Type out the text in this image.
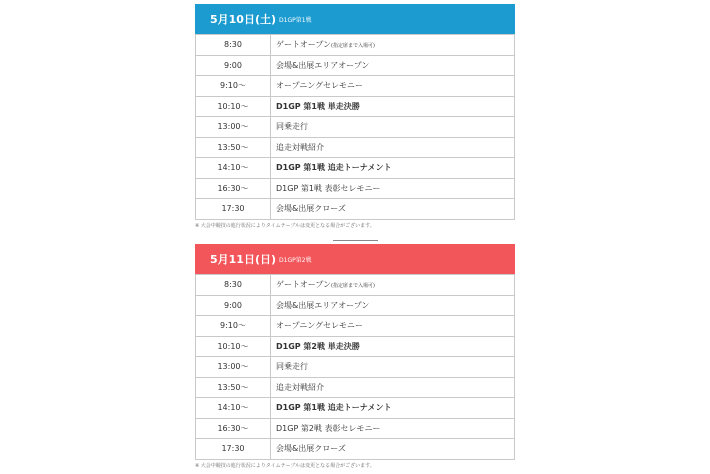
5月10日(土) D1GP第1戦
8:30	ゲートオープン(指定席まで入場可)
9:00	会場&出展エリアオープン
9:10～	オープニングセレモニー
10:10～	D1GP 第1戦 単走決勝
13:00～	同乗走行
13:50～	追走対戦紹介
14:10～	D1GP 第1戦 追走トーナメント
16:30～	D1GP 第1戦 表彰セレモニー
17:30	会場&出展クローズ
※ 大会中競技の進行状況によりタイムテーブルは変更となる場合がございます。
5月11日(日) D1GP第2戦
8:30	ゲートオープン(指定席まで入場可)
9:00	会場&出展エリアオープン
9:10～	オープニングセレモニー
10:10～	D1GP 第2戦 単走決勝
13:00～	同乗走行
13:50～	追走対戦紹介
14:10～	D1GP 第1戦 追走トーナメント
16:30～	D1GP 第2戦 表彰セレモニー
17:30	会場&出展クローズ
※ 大会中競技の進行状況によりタイムテーブルは変更となる場合がございます。
